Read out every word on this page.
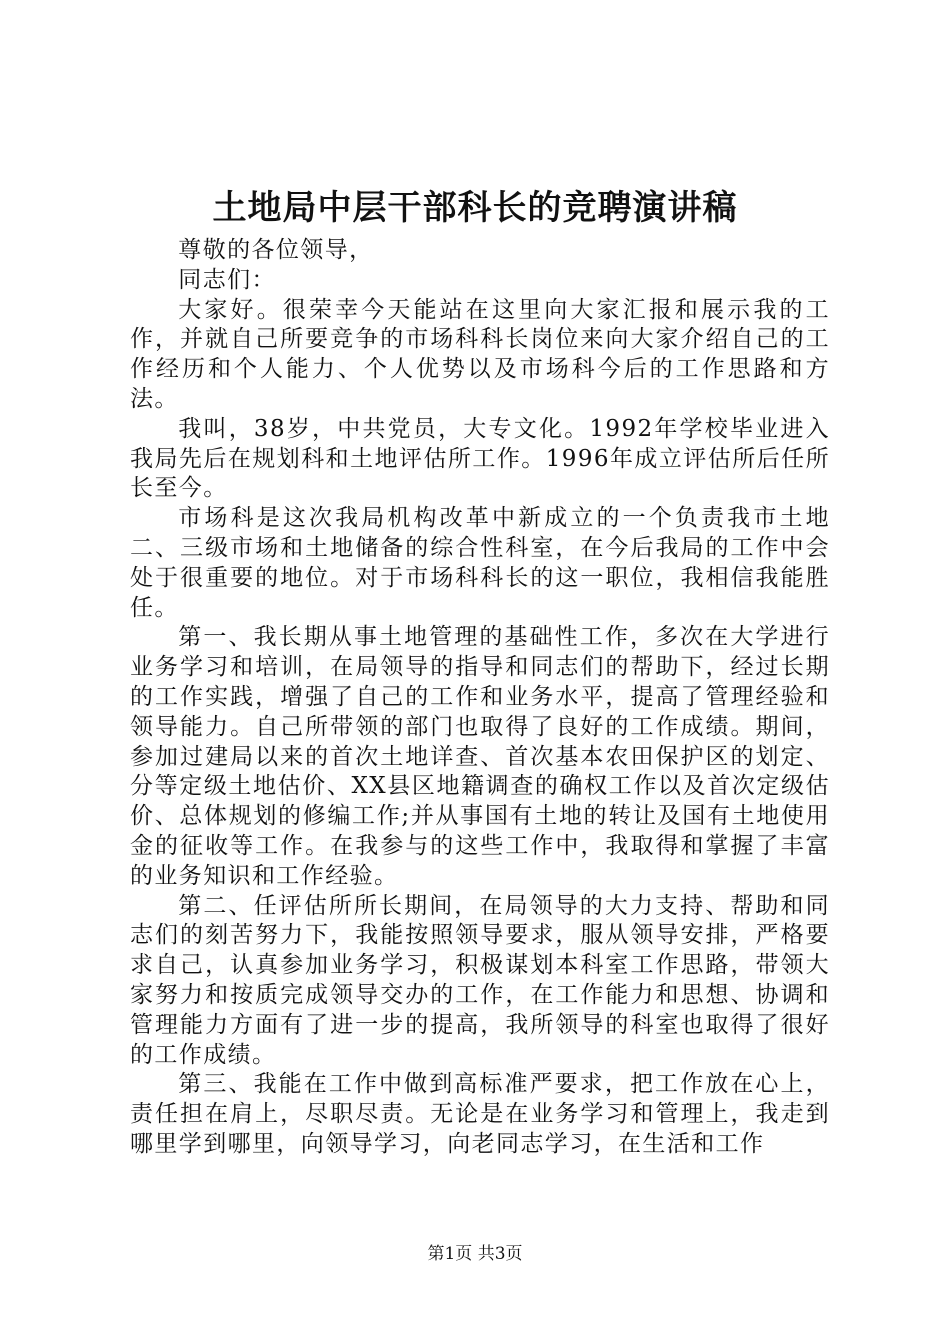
土地局中层干部科长的竞聘演讲稿

尊敬的各位领导，

同志们：

大家好。很荣幸今天能站在这里向大家汇报和展示我的工作，并就自己所要竞争的市场科科长岗位来向大家介绍自己的工作经历和个人能力、个人优势以及市场科今后的工作思路和方法。

我叫，38岁，中共党员，大专文化。1992年学校毕业进入我局先后在规划科和土地评估所工作。1996年成立评估所后任所长至今。

市场科是这次我局机构改革中新成立的一个负责我市土地二、三级市场和土地储备的综合性科室，在今后我局的工作中会处于很重要的地位。对于市场科科长的这一职位，我相信我能胜任。

第一、我长期从事土地管理的基础性工作，多次在大学进行业务学习和培训，在局领导的指导和同志们的帮助下，经过长期的工作实践，增强了自己的工作和业务水平，提高了管理经验和领导能力。自己所带领的部门也取得了良好的工作成绩。期间，参加过建局以来的首次土地详查、首次基本农田保护区的划定、分等定级土地估价、XX县区地籍调查的确权工作以及首次定级估价、总体规划的修编工作;并从事国有土地的转让及国有土地使用金的征收等工作。在我参与的这些工作中，我取得和掌握了丰富的业务知识和工作经验。

第二、任评估所所长期间，在局领导的大力支持、帮助和同志们的刻苦努力下，我能按照领导要求，服从领导安排，严格要求自己，认真参加业务学习，积极谋划本科室工作思路，带领大家努力和按质完成领导交办的工作，在工作能力和思想、协调和管理能力方面有了进一步的提高，我所领导的科室也取得了很好的工作成绩。

第三、我能在工作中做到高标准严要求，把工作放在心上，责任担在肩上，尽职尽责。无论是在业务学习和管理上，我走到哪里学到哪里，向领导学习，向老同志学习，在生活和工作

第1页 共3页
